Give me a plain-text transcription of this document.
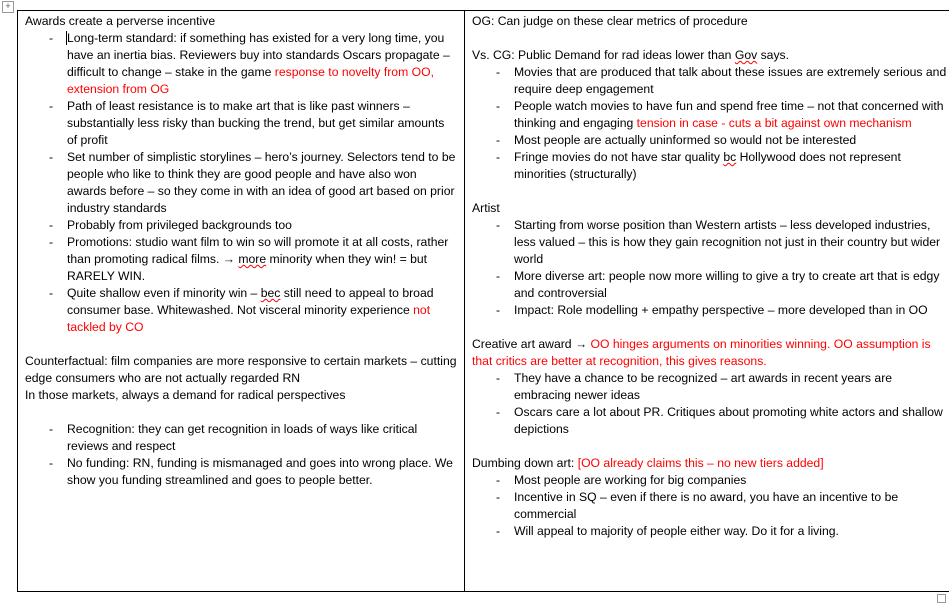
+
Awards create a perverse incentive
- Long-term standard: if something has existed for a very long time, you have an inertia bias. Reviewers buy into standards Oscars propagate – difficult to change – stake in the game response to novelty from OO, extension from OG
- Path of least resistance is to make art that is like past winners – substantially less risky than bucking the trend, but get similar amounts of profit
- Set number of simplistic storylines – hero’s journey. Selectors tend to be people who like to think they are good people and have also won awards before – so they come in with an idea of good art based on prior industry standards
- Probably from privileged backgrounds too
- Promotions: studio want film to win so will promote it at all costs, rather than promoting radical films. → more minority when they win! = but RARELY WIN.
- Quite shallow even if minority win – bec still need to appeal to broad consumer base. Whitewashed. Not visceral minority experience not tackled by CO
Counterfactual: film companies are more responsive to certain markets – cutting edge consumers who are not actually regarded RN
In those markets, always a demand for radical perspectives
- Recognition: they can get recognition in loads of ways like critical reviews and respect
- No funding: RN, funding is mismanaged and goes into wrong place. We show you funding streamlined and goes to people better.

OG: Can judge on these clear metrics of procedure
Vs. CG: Public Demand for rad ideas lower than Gov says.
- Movies that are produced that talk about these issues are extremely serious and require deep engagement
- People watch movies to have fun and spend free time – not that concerned with thinking and engaging tension in case - cuts a bit against own mechanism
- Most people are actually uninformed so would not be interested
- Fringe movies do not have star quality bc Hollywood does not represent minorities (structurally)
Artist
- Starting from worse position than Western artists – less developed industries, less valued – this is how they gain recognition not just in their country but wider world
- More diverse art: people now more willing to give a try to create art that is edgy and controversial
- Impact: Role modelling + empathy perspective – more developed than in OO
Creative art award → OO hinges arguments on minorities winning. OO assumption is that critics are better at recognition, this gives reasons.
- They have a chance to be recognized – art awards in recent years are embracing newer ideas
- Oscars care a lot about PR. Critiques about promoting white actors and shallow depictions
Dumbing down art: [OO already claims this – no new tiers added]
- Most people are working for big companies
- Incentive in SQ – even if there is no award, you have an incentive to be commercial
- Will appeal to majority of people either way. Do it for a living.
